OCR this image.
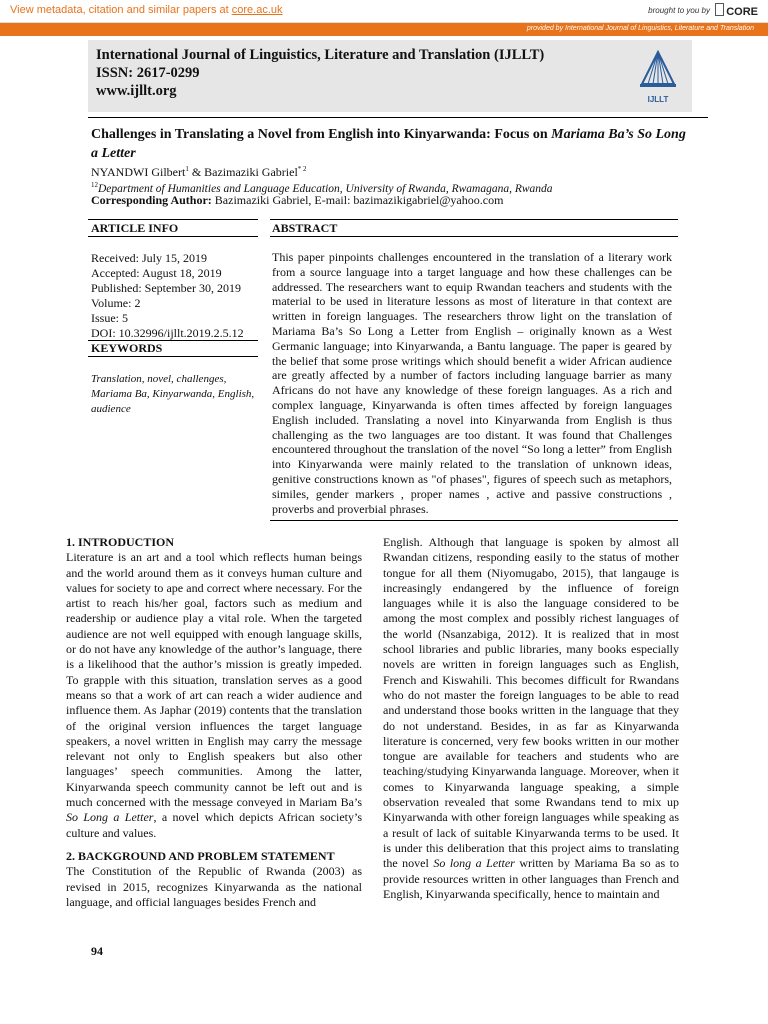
View metadata, citation and similar papers at core.ac.uk	brought to you by	CORE
provided by International Journal of Linguistics, Literature and Translation
International Journal of Linguistics, Literature and Translation (IJLLT)
ISSN: 2617-0299
www.ijllt.org
IJLLT
Challenges in Translating a Novel from English into Kinyarwanda: Focus on Mariama Ba’s So Long a Letter
NYANDWI Gilbert$^1$ & Bazimaziki Gabriel$^{* 2}$
$^{12}$Department of Humanities and Language Education, University of Rwanda, Rwamagana, Rwanda
Corresponding Author: Bazimaziki Gabriel, E-mail: bazimazikigabriel@yahoo.com
ARTICLE INFO	ABSTRACT
Received: July 15, 2019
Accepted: August 18, 2019
Published: September 30, 2019
Volume: 2
Issue: 5
DOI: 10.32996/ijllt.2019.2.5.12
KEYWORDS
Translation, novel, challenges, Mariama Ba, Kinyarwanda, English, audience
This paper pinpoints challenges encountered in the translation of a literary work from a source language into a target language and how these challenges can be addressed. The researchers want to equip Rwandan teachers and students with the material to be used in literature lessons as most of literature in that context are written in foreign languages. The researchers throw light on the translation of Mariama Ba’s So Long a Letter from English – originally known as a West Germanic language; into Kinyarwanda, a Bantu language. The paper is geared by the belief that some prose writings which should benefit a wider African audience are greatly affected by a number of factors including language barrier as many Africans do not have any knowledge of these foreign languages. As a rich and complex language, Kinyarwanda is often times affected by foreign languages English included. Translating a novel into Kinyarwanda from English is thus challenging as the two languages are too distant. It was found that Challenges encountered throughout the translation of the novel “So long a letter” from English into Kinyarwanda were mainly related to the translation of unknown ideas, genitive constructions known as "of phases", figures of speech such as metaphors, similes, gender markers , proper names , active and passive constructions , proverbs and proverbial phrases.
1. INTRODUCTION

Literature is an art and a tool which reflects human beings and the world around them as it conveys human culture and values for society to ape and correct where necessary. For the artist to reach his/her goal, factors such as medium and readership or audience play a vital role. When the targeted audience are not well equipped with enough language skills, or do not have any knowledge of the author’s language, there is a likelihood that the author’s mission is greatly impeded. To grapple with this situation, translation serves as a good means so that a work of art can reach a wider audience and influence them. As Japhar (2019) contents that the translation of the original version influences the target language speakers, a novel written in English may carry the message relevant not only to English speakers but also other languages’ speech communities. Among the latter, Kinyarwanda speech community cannot be left out and is much concerned with the message conveyed in Mariam Ba’s So Long a Letter, a novel which depicts African society’s culture and values.

2. BACKGROUND AND PROBLEM STATEMENT

The Constitution of the Republic of Rwanda (2003) as revised in 2015, recognizes Kinyarwanda as the national language, and official languages besides French and

English. Although that language is spoken by almost all Rwandan citizens, responding easily to the status of mother tongue for all them (Niyomugabo, 2015), that langauge is increasingly endangered by the influence of foreign languages while it is also the language considered to be among the most complex and possibly richest languages of the world (Nsanzabiga, 2012). It is realized that in most school libraries and public libraries, many books especially novels are written in foreign languages such as English, French and Kiswahili. This becomes difficult for Rwandans who do not master the foreign languages to be able to read and understand those books written in the language that they do not understand. Besides, in as far as Kinyarwanda literature is concerned, very few books written in our mother tongue are available for teachers and students who are teaching/studying Kinyarwanda language. Moreover, when it comes to Kinyarwanda language speaking, a simple observation revealed that some Rwandans tend to mix up Kinyarwanda with other foreign languages while speaking as a result of lack of suitable Kinyarwanda terms to be used. It is under this deliberation that this project aims to translating the novel So long a Letter written by Mariama Ba so as to provide resources written in other languages than French and English, Kinyarwanda specifically, hence to maintain and

94
